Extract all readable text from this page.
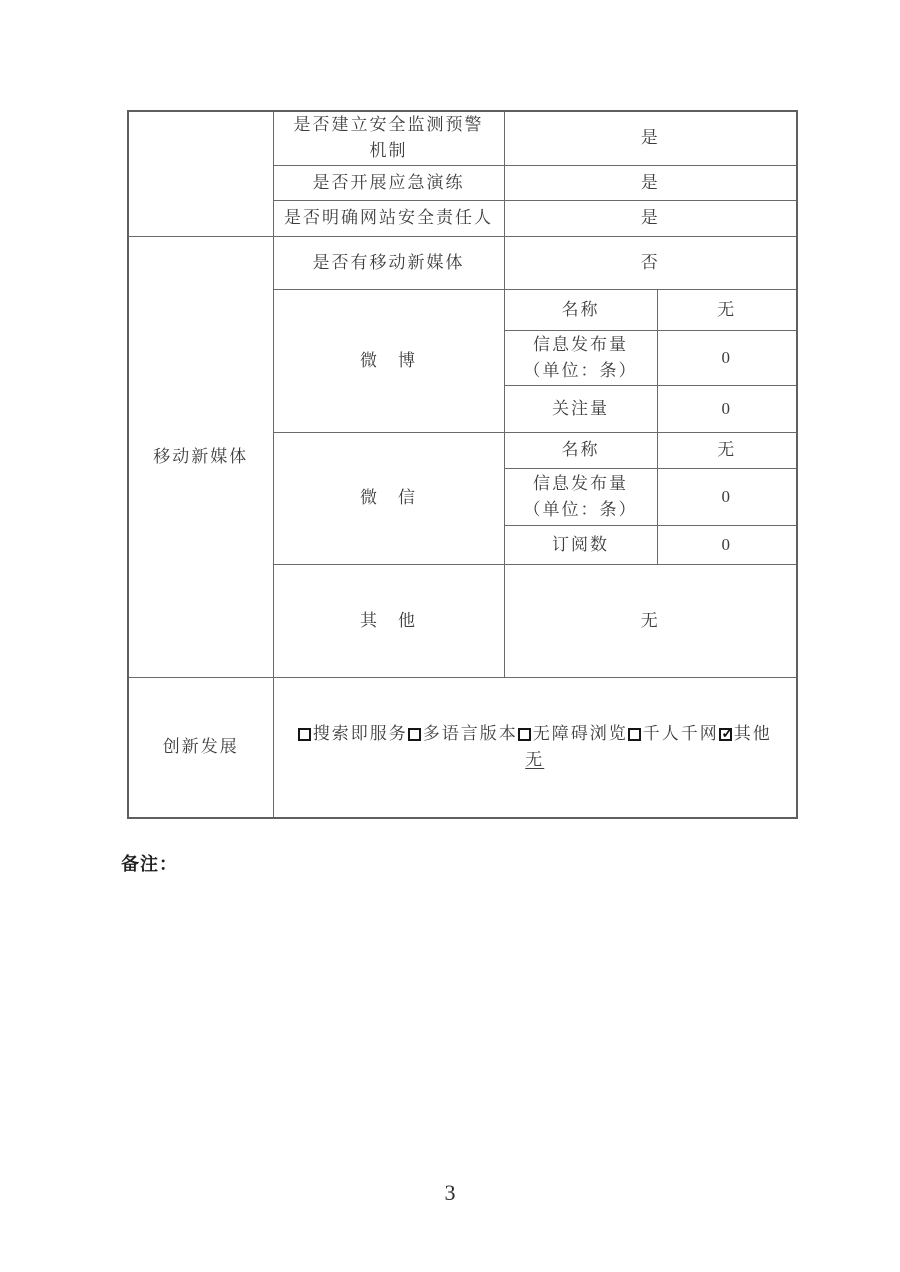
	是否建立安全监测预警
机制	是	
	是否开展应急演练	是	
	是否明确网站安全责任人	是	
移动新媒体	是否有移动新媒体	否	
	微　博	名称	无
		信息发布量
（单位：条）	0
		关注量	0
	微　信	名称	无
		信息发布量
（单位：条）	0
		订阅数	0
	其　他	无	
创新发展	搜索即服务 多语言版本 无障碍浏览 千人千网 ✓ 其他
无
备注：
3
